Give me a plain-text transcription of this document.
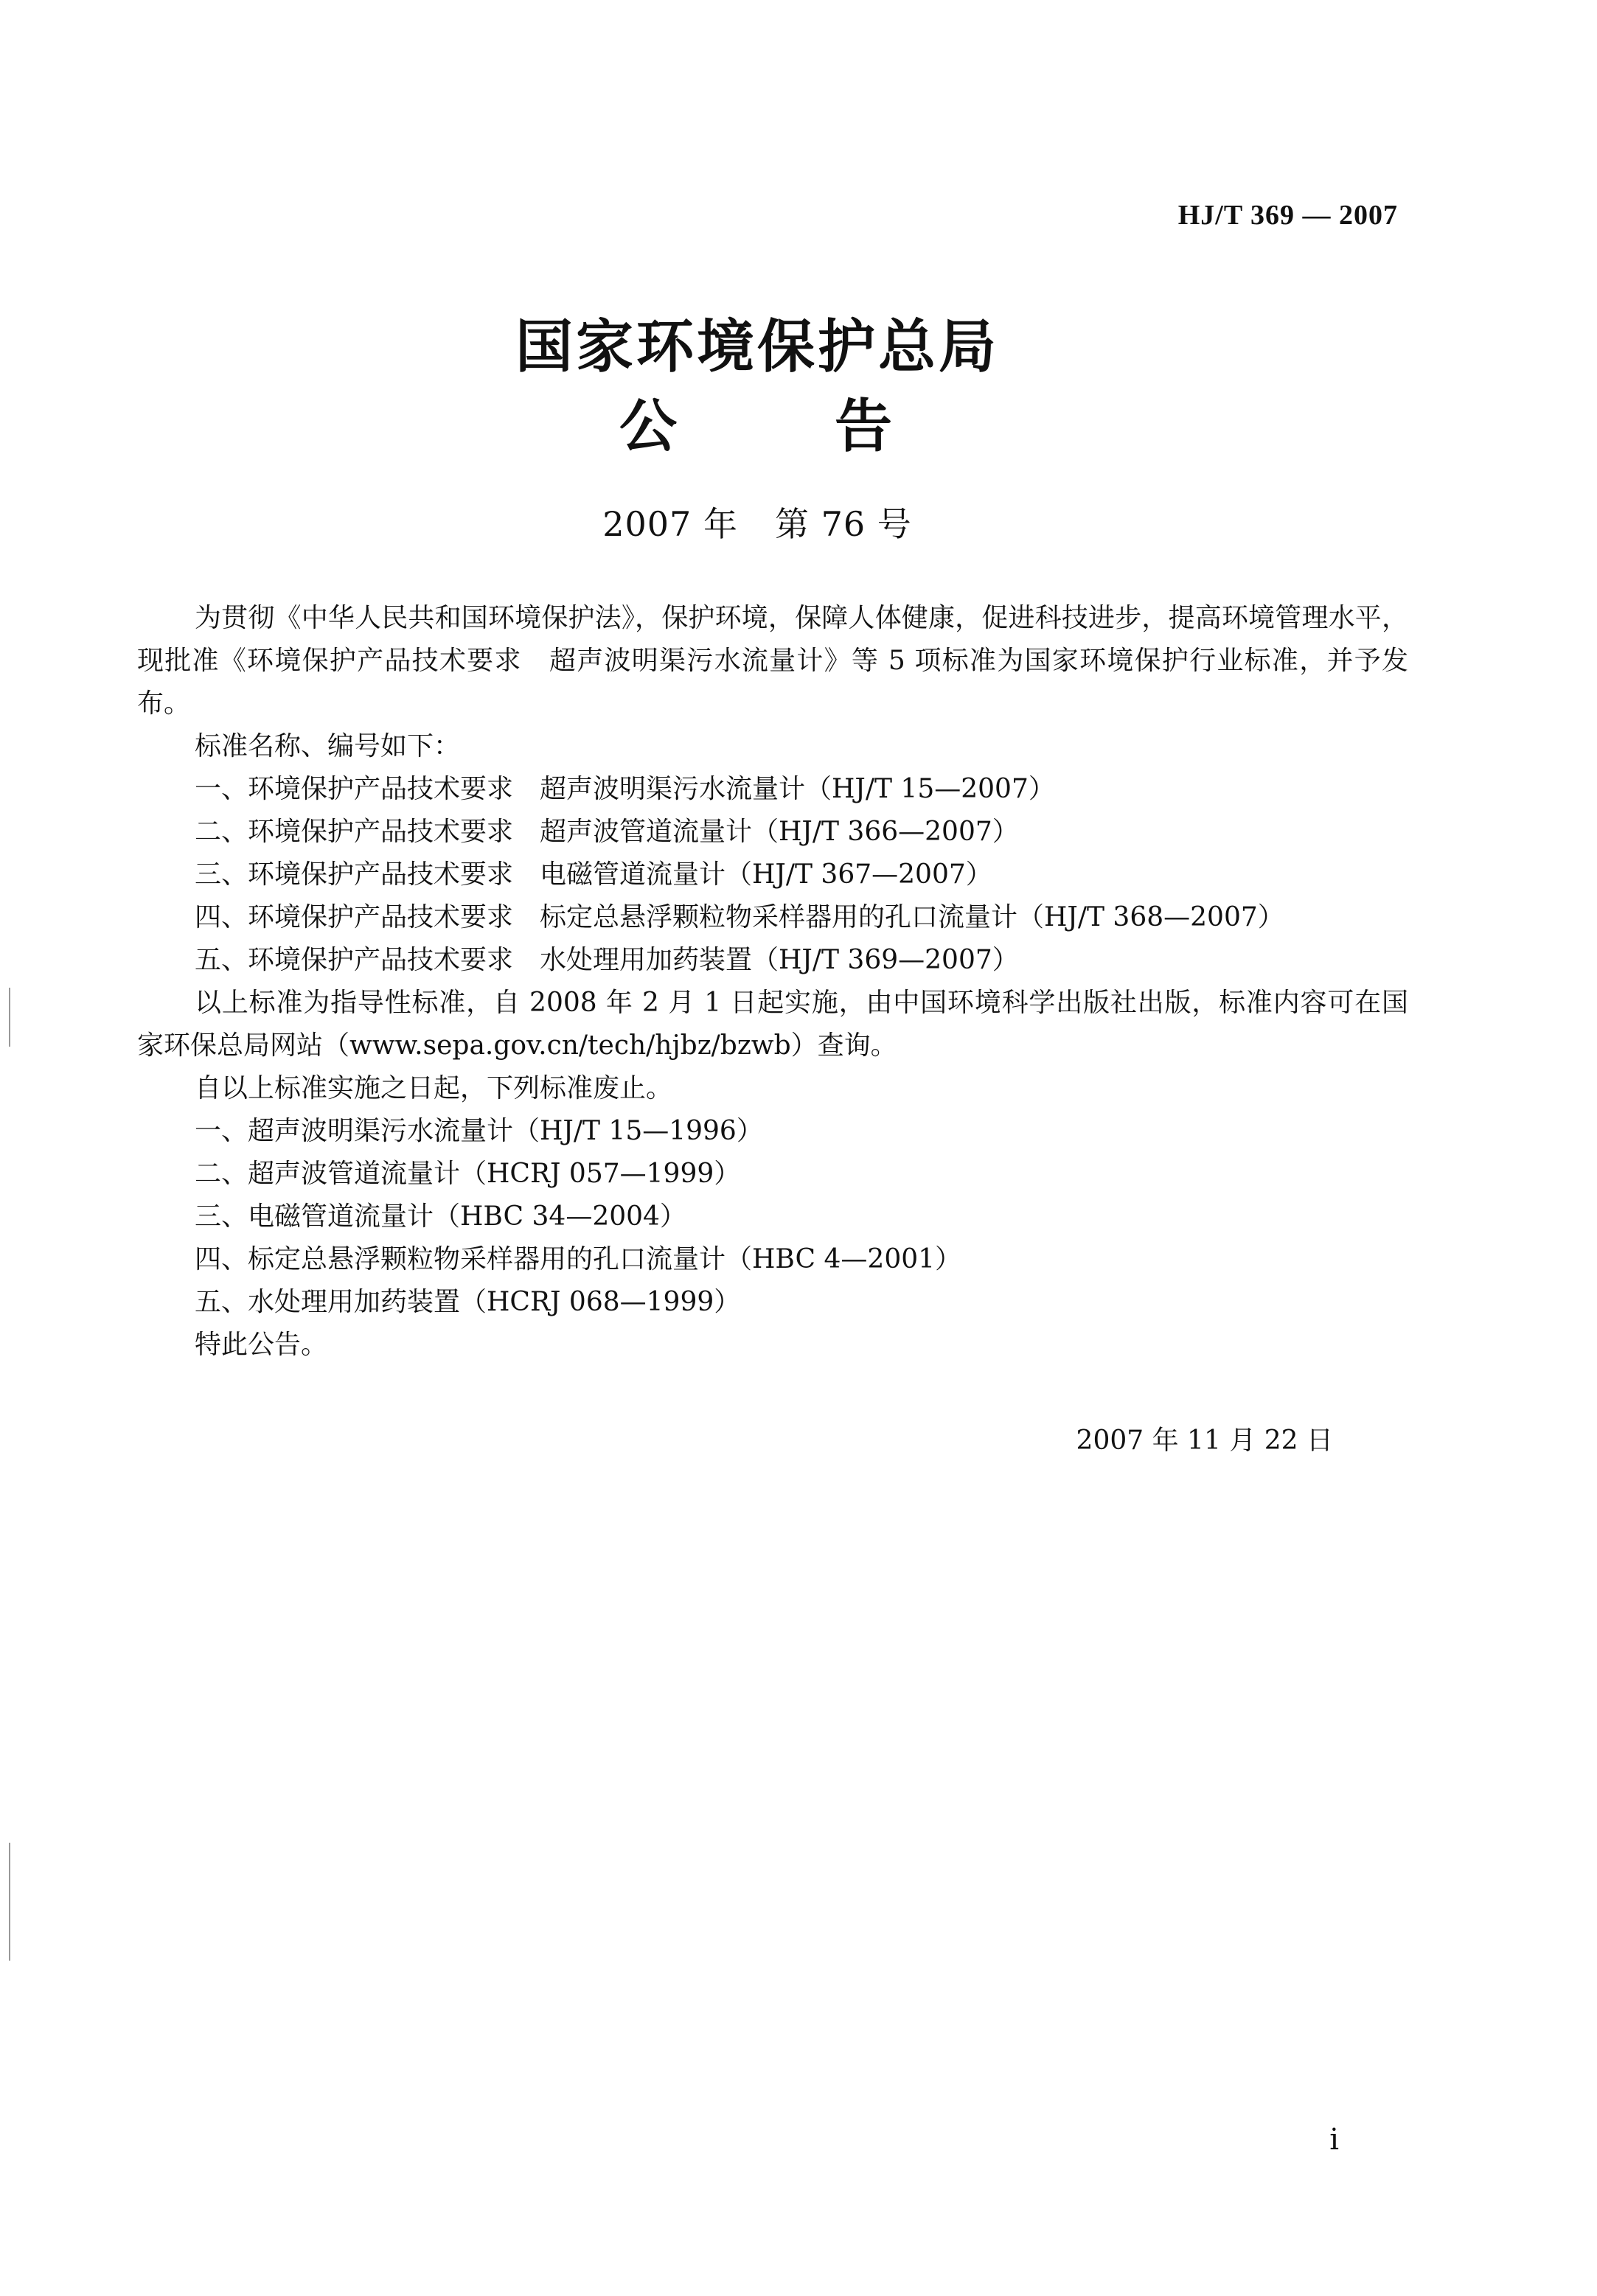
HJ/T 369 — 2007
国家环境保护总局
公	告
2007 年 第 76 号

为贯彻《中华人民共和国环境保护法》，保护环境，保障人体健康，促进科技进步，提高环境管理水平，现批准《环境保护产品技术要求　超声波明渠污水流量计》等 5 项标准为国家环境保护行业标准，并予发布。

标准名称、编号如下：

一、环境保护产品技术要求 超声波明渠污水流量计（HJ/T 15—2007）
二、环境保护产品技术要求 超声波管道流量计（HJ/T 366—2007）
三、环境保护产品技术要求 电磁管道流量计（HJ/T 367—2007）
四、环境保护产品技术要求 标定总悬浮颗粒物采样器用的孔口流量计（HJ/T 368—2007）
五、环境保护产品技术要求 水处理用加药装置（HJ/T 369—2007）

以上标准为指导性标准，自 2008 年 2 月 1 日起实施，由中国环境科学出版社出版，标准内容可在国家环保总局网站（www.sepa.gov.cn/tech/hjbz/bzwb）查询。

自以上标准实施之日起，下列标准废止。

一、超声波明渠污水流量计（HJ/T 15—1996）
二、超声波管道流量计（HCRJ 057—1999）
三、电磁管道流量计（HBC 34—2004）
四、标定总悬浮颗粒物采样器用的孔口流量计（HBC 4—2001）
五、水处理用加药装置（HCRJ 068—1999）

特此公告。

2007 年 11 月 22 日
i
